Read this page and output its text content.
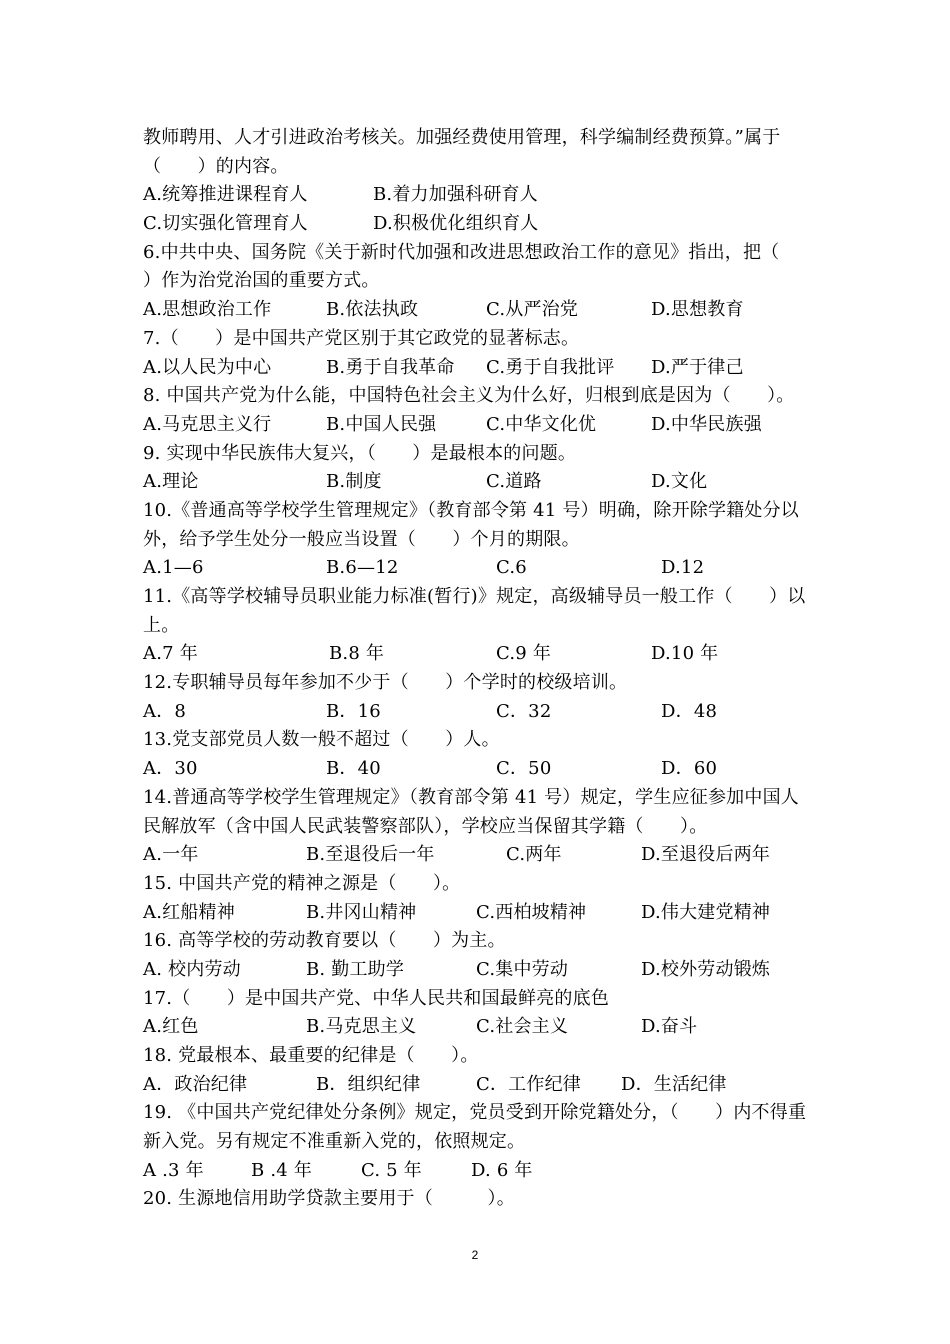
教师聘用、人才引进政治考核关。加强经费使用管理，科学编制经费预算。”属于
（　　）的内容。
A.统筹推进课程育人	B.着力加强科研育人
C.切实强化管理育人	D.积极优化组织育人
6.中共中央、国务院《关于新时代加强和改进思想政治工作的意见》指出，把（
）作为治党治国的重要方式。
A.思想政治工作	B.依法执政	C.从严治党	D.思想教育
7.（　　）是中国共产党区别于其它政党的显著标志。
A.以人民为中心	B.勇于自我革命 C.勇于自我批评 D.严于律己
8. 中国共产党为什么能，中国特色社会主义为什么好，归根到底是因为（　　）。
A.马克思主义行	B.中国人民强	C.中华文化优	D.中华民族强
9. 实现中华民族伟大复兴，（　　）是最根本的问题。
A.理论	B.制度	C.道路	D.文化
10.《普通高等学校学生管理规定》（教育部令第 41 号）明确，除开除学籍处分以
外，给予学生处分一般应当设置（　　）个月的期限。
A.1—6	B.6—12	C.6	D.12
11.《高等学校辅导员职业能力标准(暂行)》规定，高级辅导员一般工作（　　）以
上。
A.7 年	B.8 年	C.9 年	D.10 年
12.专职辅导员每年参加不少于（　　）个学时的校级培训。
A．8	B．16	C．32	D．48
13.党支部党员人数一般不超过（　　）人。
A．30	B．40	C．50	D．60
14.普通高等学校学生管理规定》（教育部令第 41 号）规定，学生应征参加中国人
民解放军（含中国人民武装警察部队），学校应当保留其学籍（　　）。
A.一年	B.至退役后一年	C.两年	D.至退役后两年
15. 中国共产党的精神之源是（　　）。
A.红船精神	B.井冈山精神	C.西柏坡精神	D.伟大建党精神
16. 高等学校的劳动教育要以（　　）为主。
A. 校内劳动	B. 勤工助学	C.集中劳动	D.校外劳动锻炼
17.（　　）是中国共产党、中华人民共和国最鲜亮的底色
A.红色	B.马克思主义	C.社会主义	D.奋斗
18. 党最根本、最重要的纪律是（　　）。
A．政治纪律	B．组织纪律	C．工作纪律 D．生活纪律
19. 《中国共产党纪律处分条例》规定，党员受到开除党籍处分，（　　）内不得重
新入党。另有规定不准重新入党的，依照规定。
A .3 年	B .4 年	C. 5 年	D. 6 年
20. 生源地信用助学贷款主要用于（　　　）。
2
